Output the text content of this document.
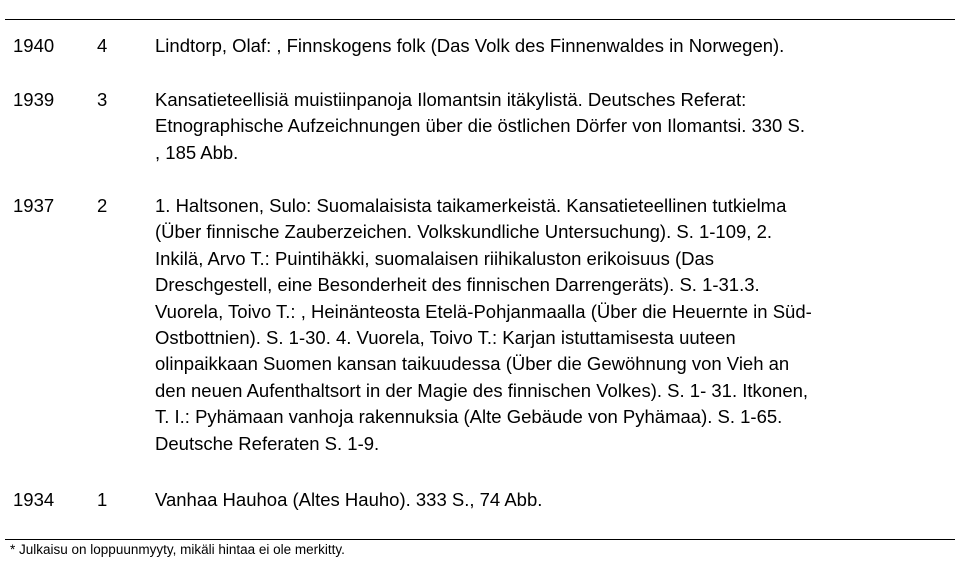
1940 4	Lindtorp, Olaf: , Finnskogens folk (Das Volk des Finnenwaldes in Norwegen).
1939 3	Kansatieteellisiä muistiinpanoja Ilomantsin itäkylistä. Deutsches Referat:
Etnographische Aufzeichnungen über die östlichen Dörfer von Ilomantsi. 330 S.
, 185 Abb.
1937 2	1. Haltsonen, Sulo: Suomalaisista taikamerkeistä. Kansatieteellinen tutkielma
(Über finnische Zauberzeichen. Volkskundliche Untersuchung). S. 1-109, 2.
Inkilä, Arvo T.: Puintihäkki, suomalaisen riihikaluston erikoisuus (Das
Dreschgestell, eine Besonderheit des finnischen Darrengeräts). S. 1-31.3.
Vuorela, Toivo T.: , Heinänteosta Etelä-Pohjanmaalla (Über die Heuernte in Süd-
Ostbottnien). S. 1-30. 4. Vuorela, Toivo T.: Karjan istuttamisesta uuteen
olinpaikkaan Suomen kansan taikuudessa (Über die Gewöhnung von Vieh an
den neuen Aufenthaltsort in der Magie des finnischen Volkes). S. 1- 31. Itkonen,
T. I.: Pyhämaan vanhoja rakennuksia (Alte Gebäude von Pyhämaa). S. 1-65.
Deutsche Referaten S. 1-9.
1934 1	Vanhaa Hauhoa (Altes Hauho). 333 S., 74 Abb.
* Julkaisu on loppuunmyyty, mikäli hintaa ei ole merkitty.
